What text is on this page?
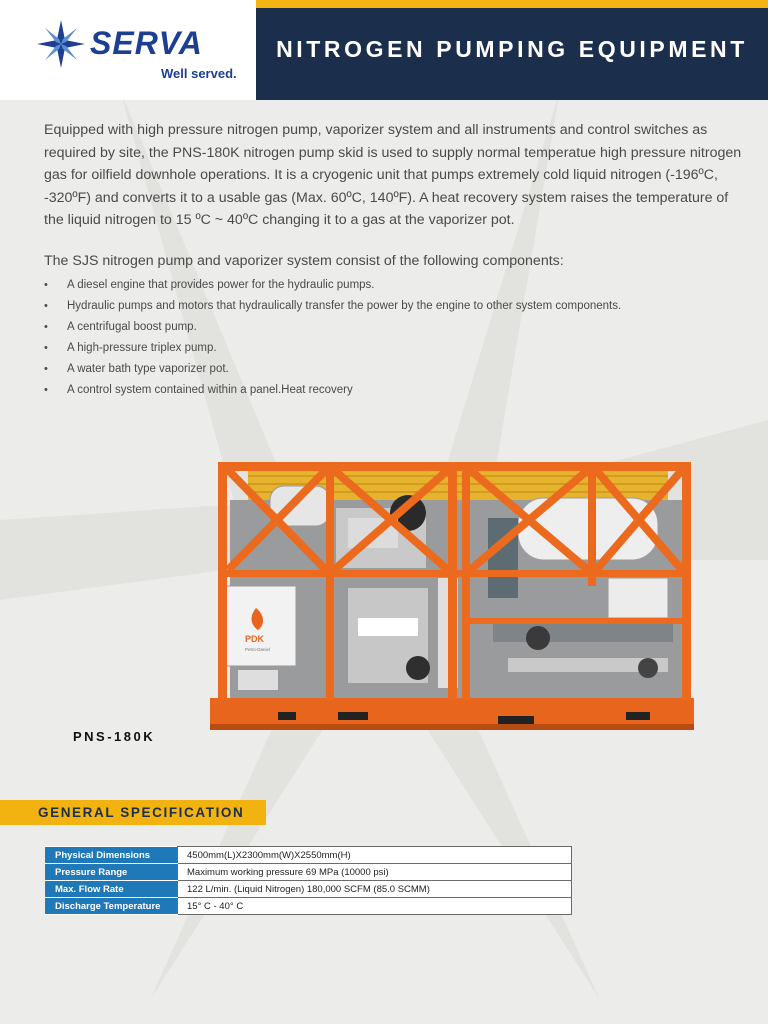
SERVA
Well served.
NITROGEN PUMPING EQUIPMENT

Equipped with high pressure nitrogen pump, vaporizer system and all instruments and control switches as required by site, the PNS-180K nitrogen pump skid is used to supply normal temperatue high pressure nitrogen gas for oilfield downhole operations. It is a cryogenic unit that pumps extremely cold liquid nitrogen (-196ºC, -320ºF) and converts it to a usable gas (Max. 60ºC, 140ºF). A heat recovery system raises the temperature of the liquid nitrogen to 15 ºC ~ 40ºC changing it to a gas at the vaporizer pot.

The SJS nitrogen pump and vaporizer system consist of the following components:

• A diesel engine that provides power for the hydraulic pumps.
• Hydraulic pumps and motors that hydraulically transfer the power by the engine to other system components.
• A centrifugal boost pump.
• A high-pressure triplex pump.
• A water bath type vaporizer pot.
• A control system contained within a panel.Heat recovery
PDK
Petro-Daniel
PNS-180K
GENERAL SPECIFICATION
Physical Dimensions	4500mm(L)X2300mm(W)X2550mm(H)
Pressure Range	Maximum working pressure 69 MPa (10000 psi)
Max. Flow Rate	122 L/min. (Liquid Nitrogen) 180,000 SCFM (85.0 SCMM)
Discharge Temperature	15° C - 40° C
